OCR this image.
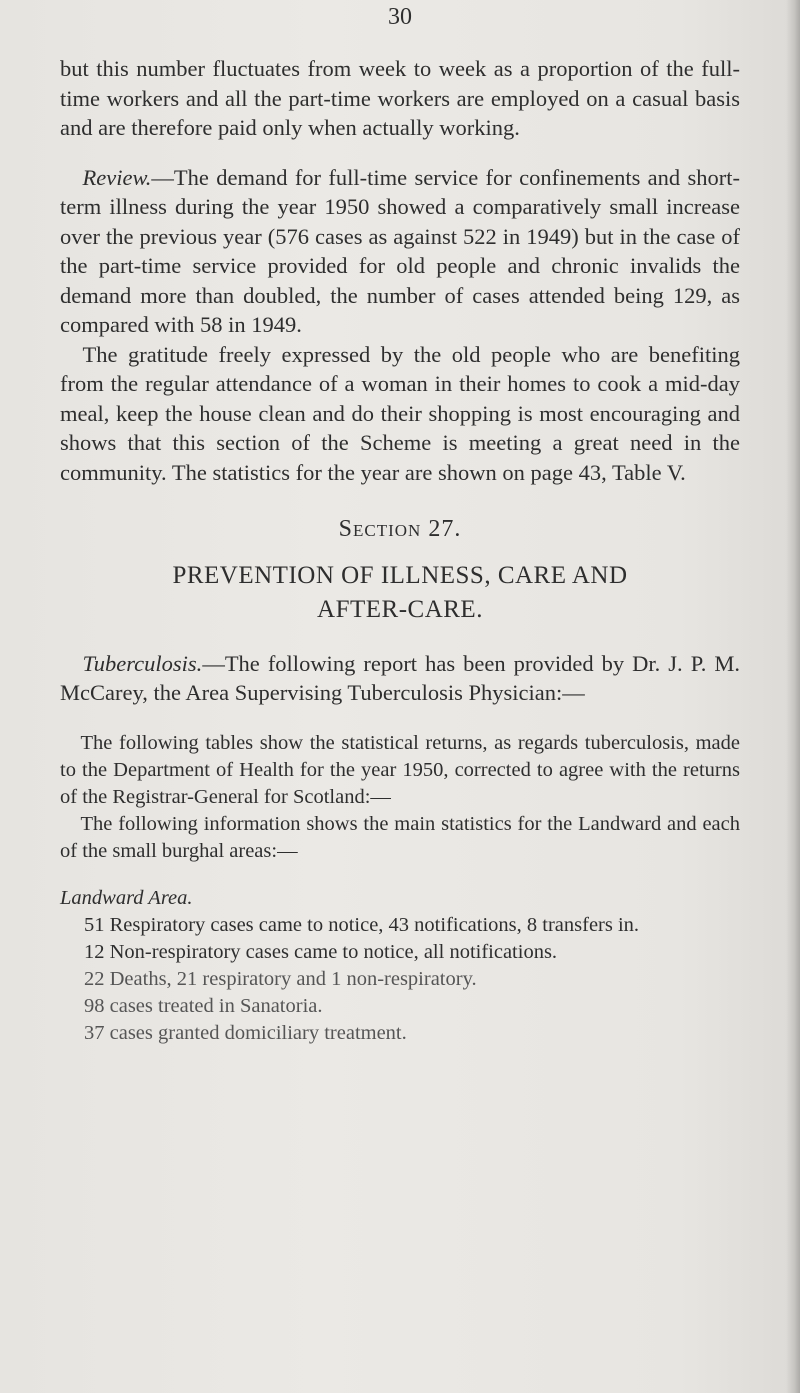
30

but this number fluctuates from week to week as a proportion of the full-time workers and all the part-time workers are employed on a casual basis and are therefore paid only when actually working.

 Review.—The demand for full-time service for confinements and short-term illness during the year 1950 showed a comparatively small increase over the previous year (576 cases as against 522 in 1949) but in the case of the part-time service provided for old people and chronic invalids the demand more than doubled, the number of cases attended being 129, as compared with 58 in 1949.

 The gratitude freely expressed by the old people who are benefiting from the regular attendance of a woman in their homes to cook a mid-day meal, keep the house clean and do their shopping is most encouraging and shows that this section of the Scheme is meeting a great need in the community. The statistics for the year are shown on page 43, Table V.

Section 27.

PREVENTION OF ILLNESS, CARE AND

AFTER-CARE.

 Tuberculosis.—The following report has been provided by Dr. J. P. M. McCarey, the Area Supervising Tuberculosis Physician:—

 The following tables show the statistical returns, as regards tuberculosis, made to the Department of Health for the year 1950, corrected to agree with the returns of the Registrar-General for Scotland:—

 The following information shows the main statistics for the Landward and each of the small burghal areas:—

Landward Area.

51 Respiratory cases came to notice, 43 notifications, 8 transfers in.

12 Non-respiratory cases came to notice, all notifications.

22 Deaths, 21 respiratory and 1 non-respiratory.

98 cases treated in Sanatoria.

37 cases granted domiciliary treatment.
